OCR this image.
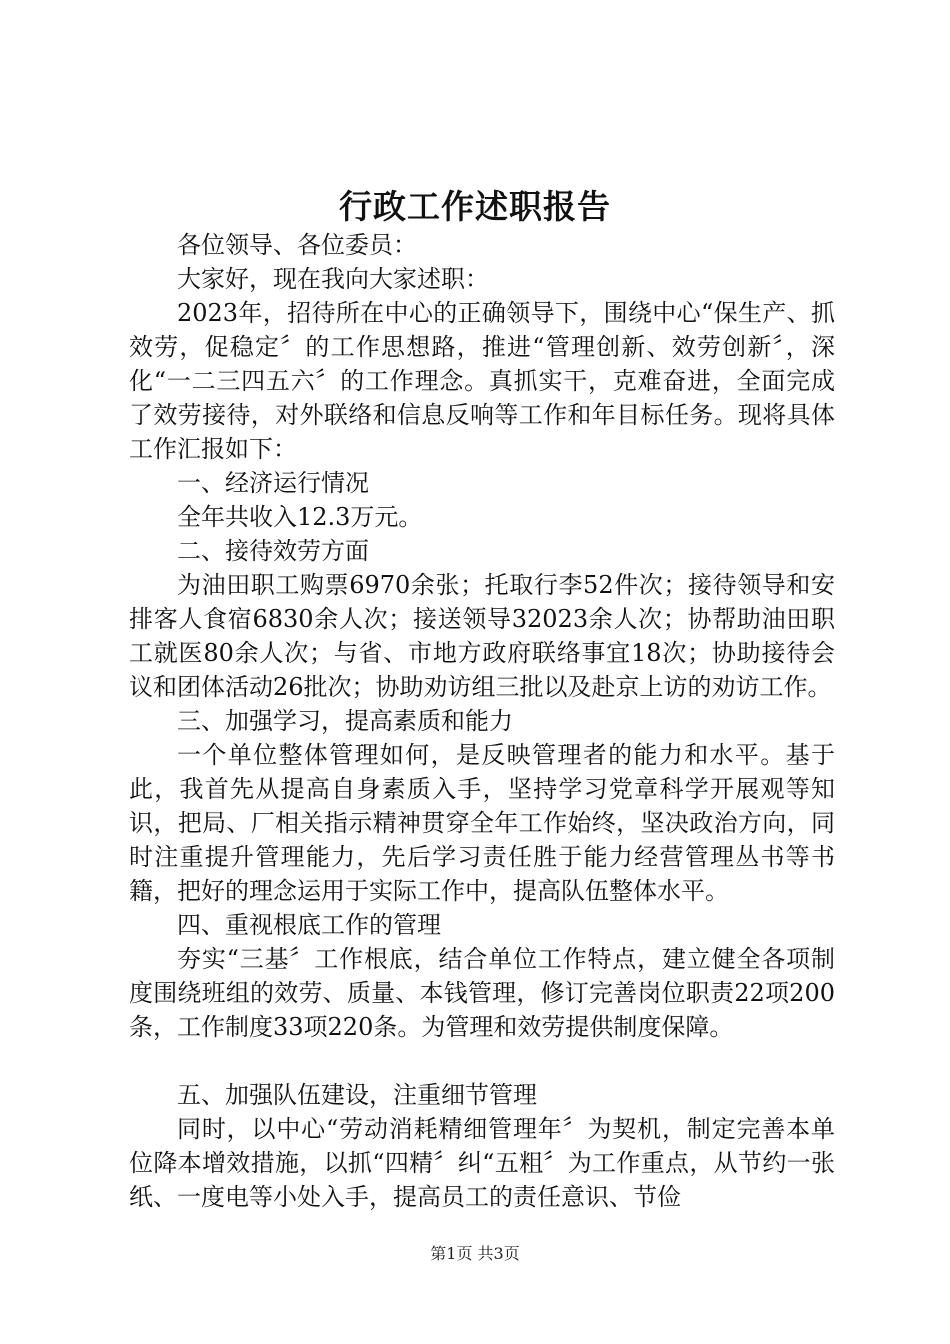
行政工作述职报告

各位领导、各位委员：

大家好，现在我向大家述职：

2023年，招待所在中心的正确领导下，围绕中心“保生产、抓效劳，促稳定〞的工作思想路，推进“管理创新、效劳创新〞，深化“一二三四五六〞的工作理念。真抓实干，克难奋进，全面完成了效劳接待，对外联络和信息反响等工作和年目标任务。现将具体工作汇报如下：

一、经济运行情况

全年共收入12.3万元。

二、接待效劳方面

为油田职工购票6970余张；托取行李52件次；接待领导和安排客人食宿6830余人次；接送领导32023余人次；协帮助油田职工就医80余人次；与省、市地方政府联络事宜18次；协助接待会议和团体活动26批次；协助劝访组三批以及赴京上访的劝访工作。

三、加强学习，提高素质和能力

一个单位整体管理如何，是反映管理者的能力和水平。基于此，我首先从提高自身素质入手，坚持学习党章科学开展观等知识，把局、厂相关指示精神贯穿全年工作始终，坚决政治方向，同时注重提升管理能力，先后学习责任胜于能力经营管理丛书等书籍，把好的理念运用于实际工作中，提高队伍整体水平。

四、重视根底工作的管理

夯实“三基〞工作根底，结合单位工作特点，建立健全各项制度围绕班组的效劳、质量、本钱管理，修订完善岗位职责22项200条，工作制度33项220条。为管理和效劳提供制度保障。

五、加强队伍建设，注重细节管理

同时，以中心“劳动消耗精细管理年〞为契机，制定完善本单位降本增效措施，以抓“四精〞纠“五粗〞为工作重点，从节约一张纸、一度电等小处入手，提高员工的责任意识、节俭

第1页 共3页
